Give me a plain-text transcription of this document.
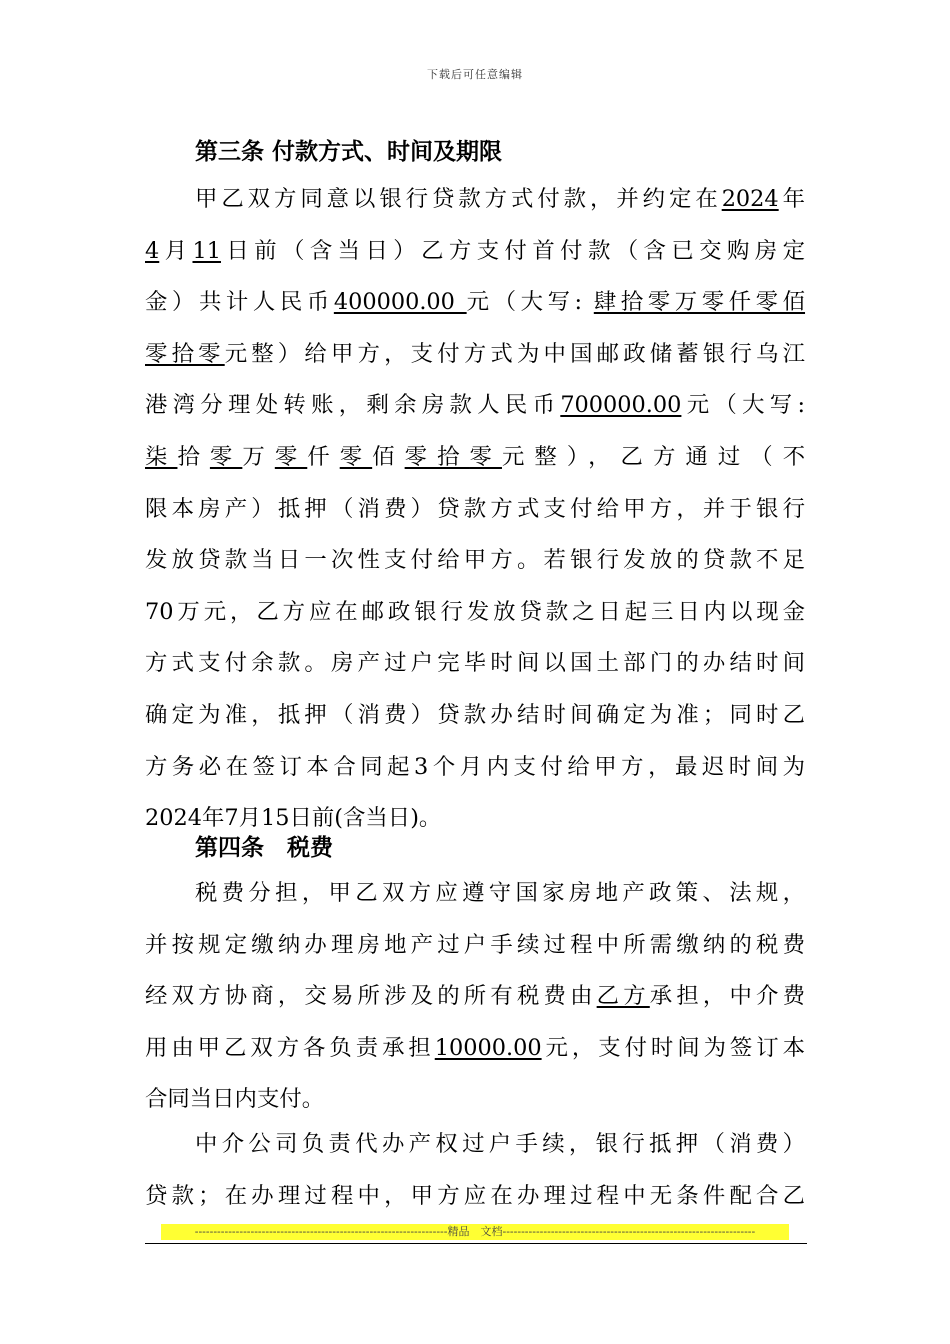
下载后可任意编辑
第三条 付款方式、时间及期限
甲乙双方同意以银行贷款方式付款，并约定在2024年
4月11日前（含当日）乙方支付首付款（含已交购房定
金）共计人民币400000.00 元（大写: 肆拾零万零仟零佰
零拾零元整）给甲方，支付方式为中国邮政储蓄银行乌江
港湾分理处转账，剩余房款人民币700000.00元（大写:
柒拾零万零仟零佰零拾零元整），乙方通过（不
限本房产）抵押（消费）贷款方式支付给甲方，并于银行
发放贷款当日一次性支付给甲方。若银行发放的贷款不足
70万元，乙方应在邮政银行发放贷款之日起三日内以现金
方式支付余款。房产过户完毕时间以国土部门的办结时间
确定为准，抵押（消费）贷款办结时间确定为准；同时乙
方务必在签订本合同起3个月内支付给甲方，最迟时间为
2024年7月15日前(含当日)。
第四条　税费
税费分担，甲乙双方应遵守国家房地产政策、法规，
并按规定缴纳办理房地产过户手续过程中所需缴纳的税费
经双方协商，交易所涉及的所有税费由乙方承担，中介费
用由甲乙双方各负责承担10000.00元，支付时间为签订本
合同当日内支付。
中介公司负责代办产权过户手续，银行抵押（消费）
贷款；在办理过程中，甲方应在办理过程中无条件配合乙
--------------------------------------------------------------------精品　文档--------------------------------------------------------------------
